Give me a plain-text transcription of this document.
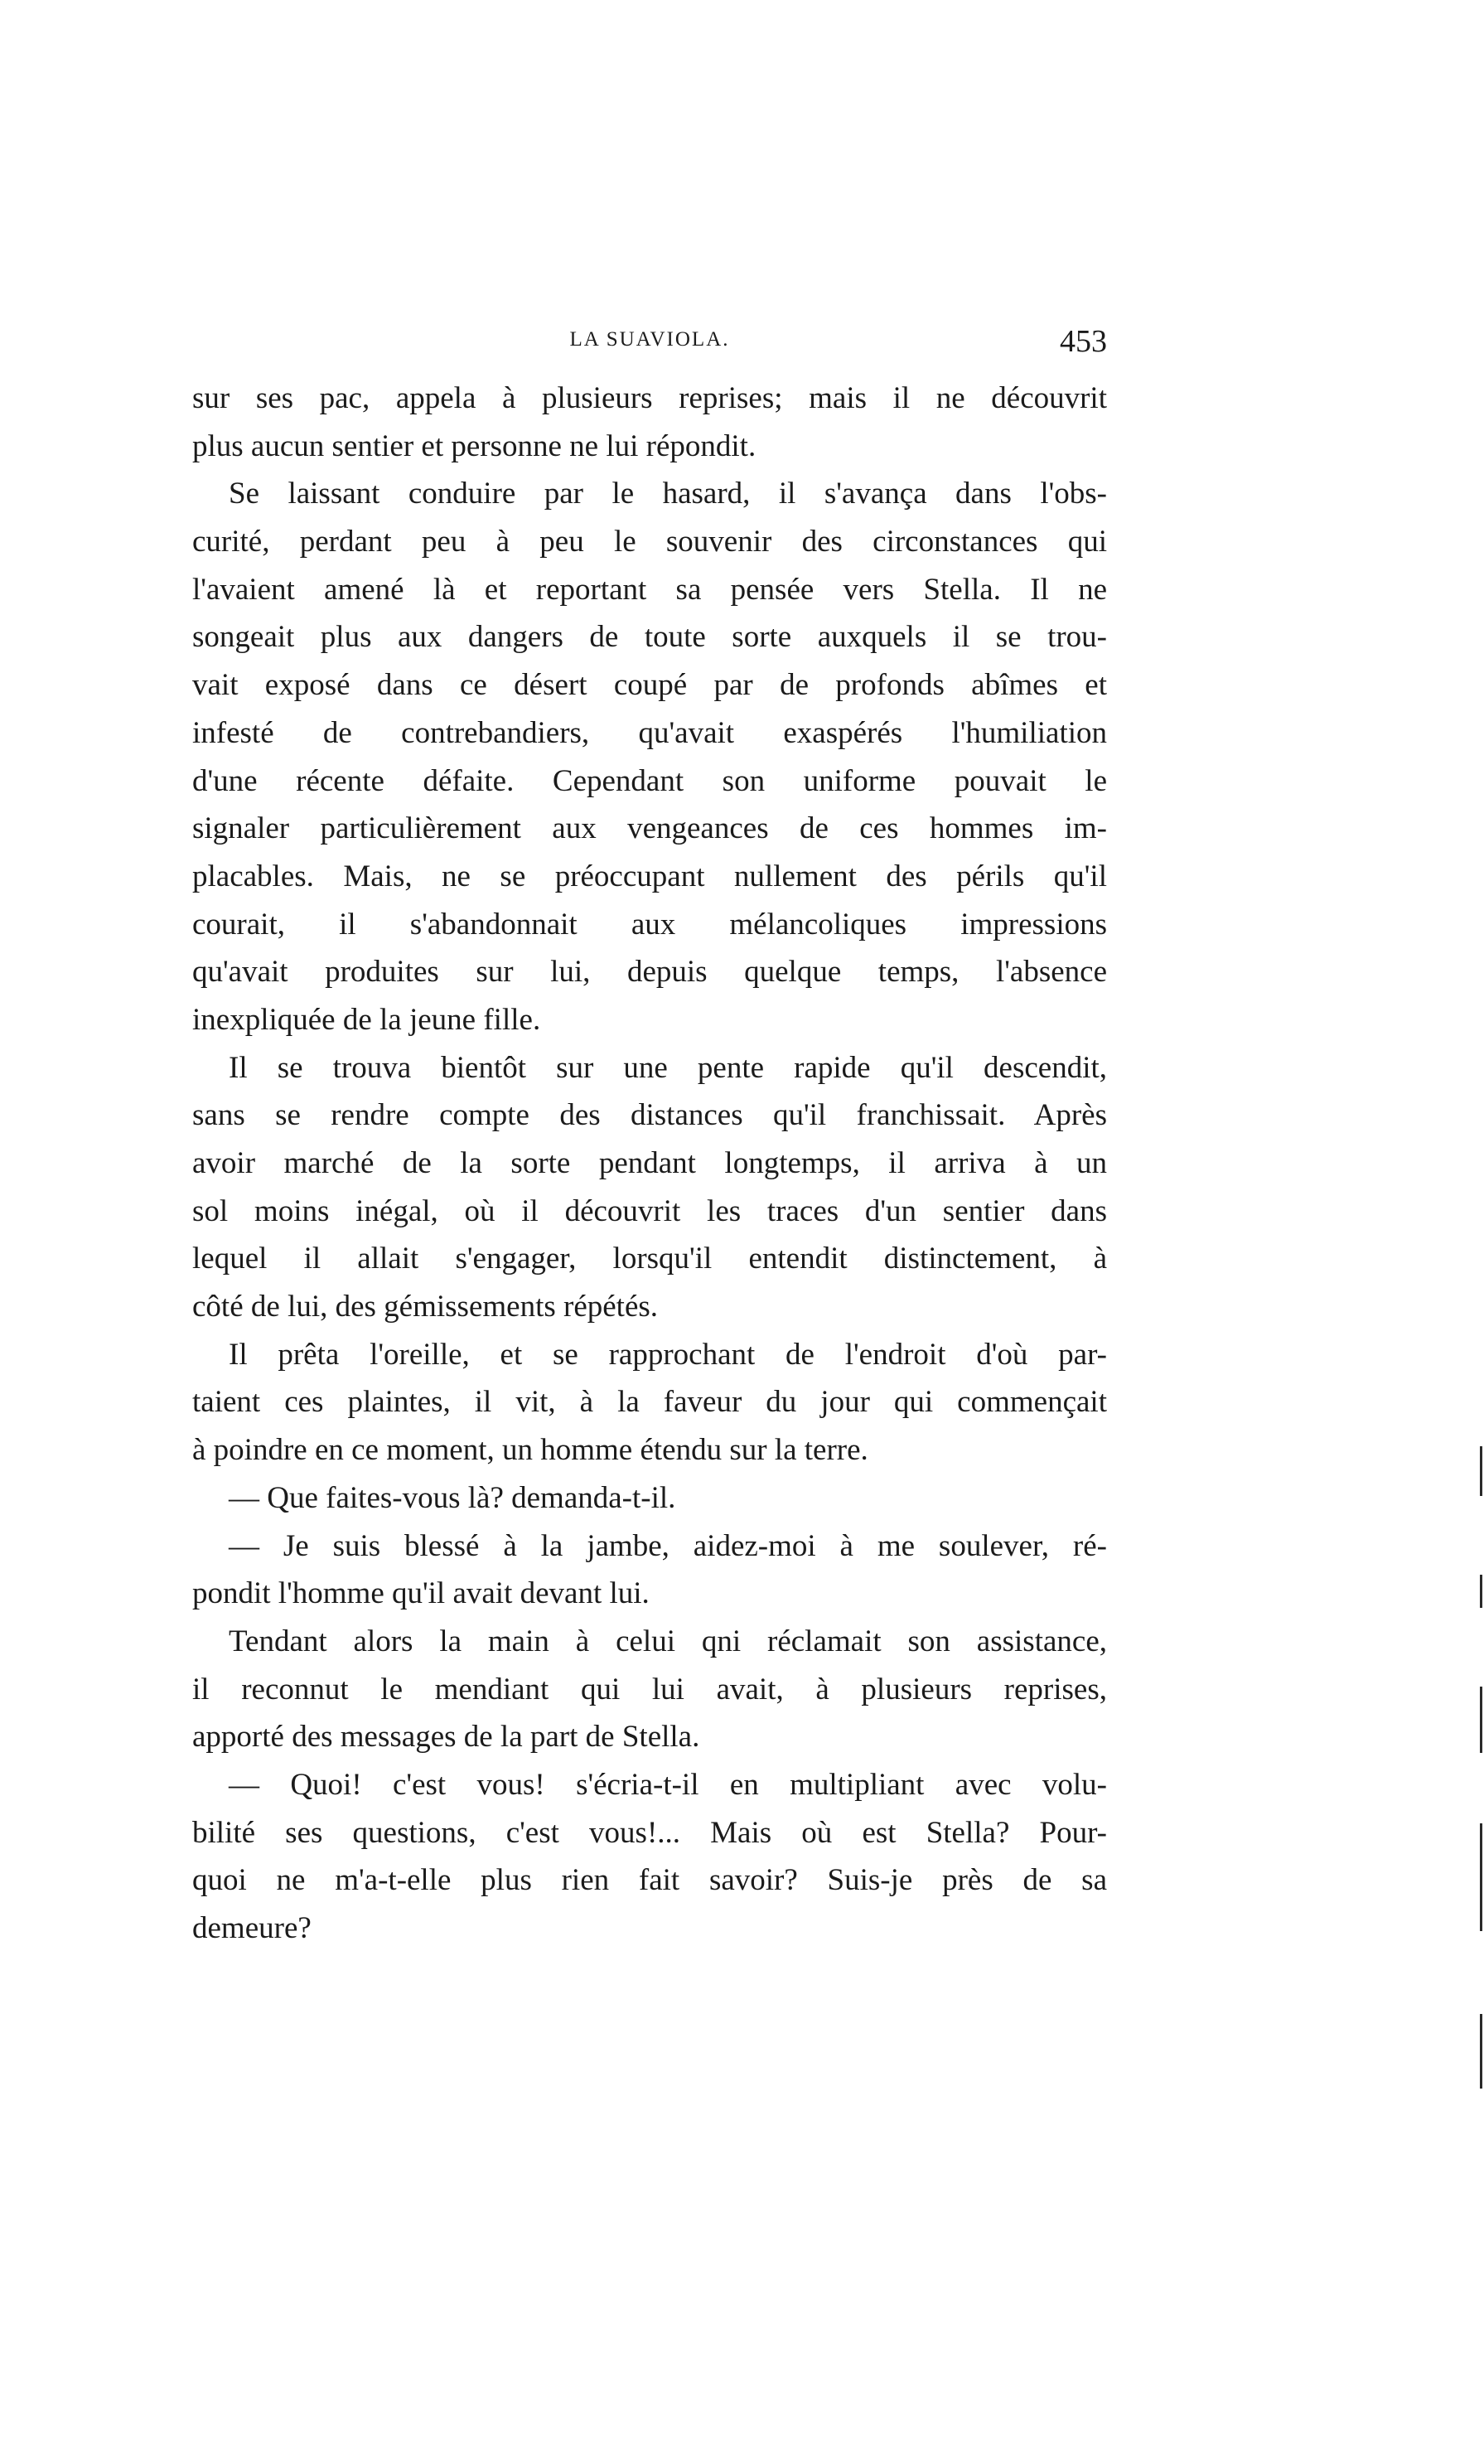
LA SUAVIOLA.	453
sur ses pac, appela à plusieurs reprises; mais il ne découvrit
plus aucun sentier et personne ne lui répondit.
Se laissant conduire par le hasard, il s'avança dans l'obs-
curité, perdant peu à peu le souvenir des circonstances qui
l'avaient amené là et reportant sa pensée vers Stella. Il ne
songeait plus aux dangers de toute sorte auxquels il se trou-
vait exposé dans ce désert coupé par de profonds abîmes et
infesté de contrebandiers, qu'avait exaspérés l'humiliation
d'une récente défaite. Cependant son uniforme pouvait le
signaler particulièrement aux vengeances de ces hommes im-
placables. Mais, ne se préoccupant nullement des périls qu'il
courait, il s'abandonnait aux mélancoliques impressions
qu'avait produites sur lui, depuis quelque temps, l'absence
inexpliquée de la jeune fille.
Il se trouva bientôt sur une pente rapide qu'il descendit,
sans se rendre compte des distances qu'il franchissait. Après
avoir marché de la sorte pendant longtemps, il arriva à un
sol moins inégal, où il découvrit les traces d'un sentier dans
lequel il allait s'engager, lorsqu'il entendit distinctement, à
côté de lui, des gémissements répétés.
Il prêta l'oreille, et se rapprochant de l'endroit d'où par-
taient ces plaintes, il vit, à la faveur du jour qui commençait
à poindre en ce moment, un homme étendu sur la terre.
— Que faites-vous là? demanda-t-il.
— Je suis blessé à la jambe, aidez-moi à me soulever, ré-
pondit l'homme qu'il avait devant lui.
Tendant alors la main à celui qni réclamait son assistance,
il reconnut le mendiant qui lui avait, à plusieurs reprises,
apporté des messages de la part de Stella.
— Quoi! c'est vous! s'écria-t-il en multipliant avec volu-
bilité ses questions, c'est vous!... Mais où est Stella? Pour-
quoi ne m'a-t-elle plus rien fait savoir? Suis-je près de sa
demeure?
